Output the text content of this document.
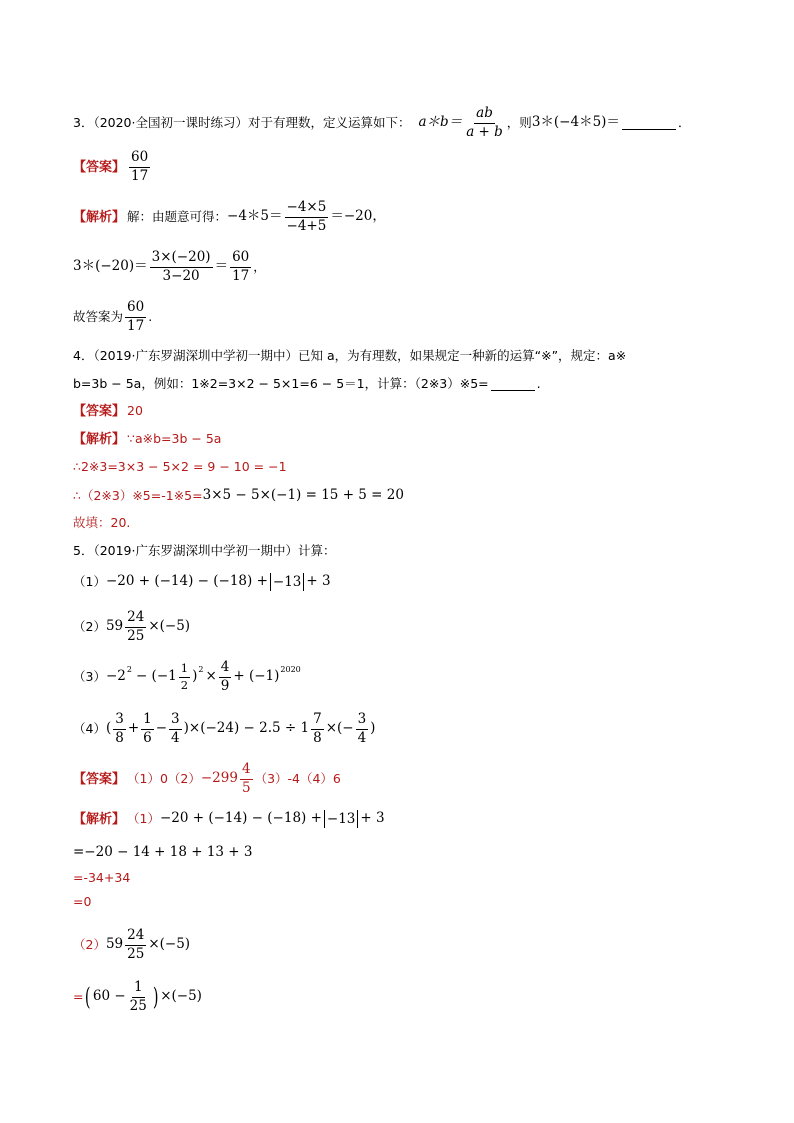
3．（2020·全国初一课时练习）对于有理数，定义运算如下： a＊b＝ $\frac{ab}{a + b}$ ，则 3＊(−4＊5)＝	．
【答案】 $\frac{60}{17}$
【解析】 解：由题意可得： −4＊5＝ $\frac{-4\times 5}{-4+5} =-20$，
3＊(−20)＝ $\frac{3\times(-20)}{3-20} = \frac{60}{17}$ ，
故答案为 $\frac{60}{17}$ .
4．（2019·广东罗湖深圳中学初一期中）已知 a，为有理数，如果规定一种新的运算“※”，规定：a※
b=3b − 5a，例如：1※2=3×2 − 5×1=6 − 5＝1，计算：（2※3）※5=	.
【答案】 20
【解析】 ∵a※b=3b − 5a
∴2※3=3×3 − 5×2 = 9 − 10 = −1
∴（2※3）※5=-1※5= 3×5 − 5×(−1) = 15 + 5 = 20
故填：20.
5．（2019·广东罗湖深圳中学初一期中）计算：
（1） −20 + (−14) − (−18) + −13 + 3
（2） $59 \frac{24}{25} \times(-5)$
（3） −2 $2 - (-1 \frac{1}{2}$ ) $2 \times \frac{4}{9} + (-1)$ 2020
（4） ( $\frac{3}{8} + \frac{1}{6} - \frac{3}{4} )\times(-24) - 2.5 \div 1 \frac{7}{8}$ ×(− $\frac{3}{4}$ )
【答案】 $(1)0(2) -299 \frac{4}{5} (3)-4(4)6$
【解析】 （1） −20 + (−14) − (−18) + −13 + 3
=−20 − 14 + 18 + 13 + 3
=-34+34
=0
（2） $59 \frac{24}{25} \times(-5)$
= ( $60 - \frac{1}{25}$ ) ×(−5)
